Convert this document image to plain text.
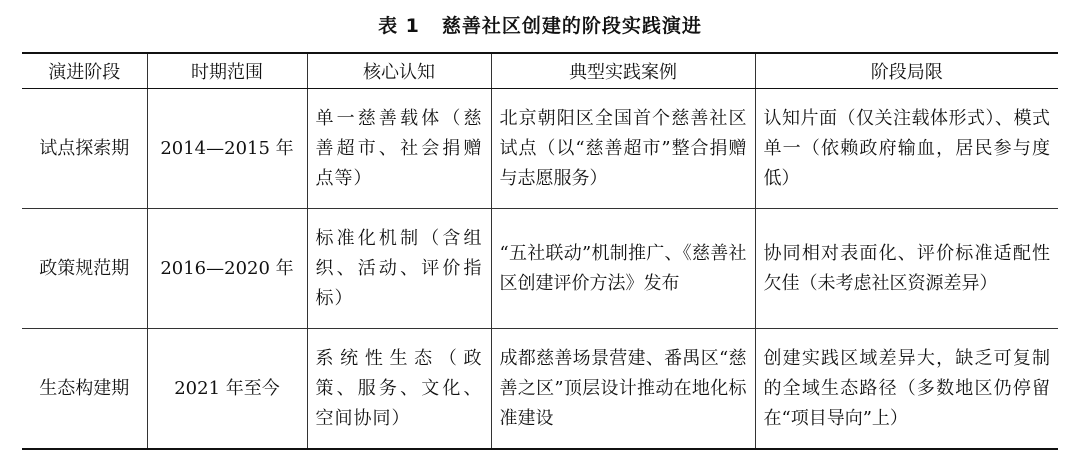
表 1 慈善社区创建的阶段实践演进
演进阶段	时期范围	核心认知	典型实践案例	阶段局限
试点探索期	2014—2015 年	单一慈善载体（慈善超市、社会捐赠点等）	北京朝阳区全国首个慈善社区试点（以“慈善超市”整合捐赠与志愿服务）	认知片面（仅关注载体形式）、模式单一（依赖政府输血，居民参与度低）
政策规范期	2016—2020 年	标准化机制（含组织、活动、评价指标）	“五社联动”机制推广、《慈善社区创建评价方法》发布	协同相对表面化、评价标准适配性欠佳（未考虑社区资源差异）
生态构建期	2021 年至今	系统性生态（政策、服务、文化、空间协同）	成都慈善场景营建、番禺区“慈善之区”顶层设计推动在地化标准建设	创建实践区域差异大，缺乏可复制的全域生态路径（多数地区仍停留在“项目导向”上）
